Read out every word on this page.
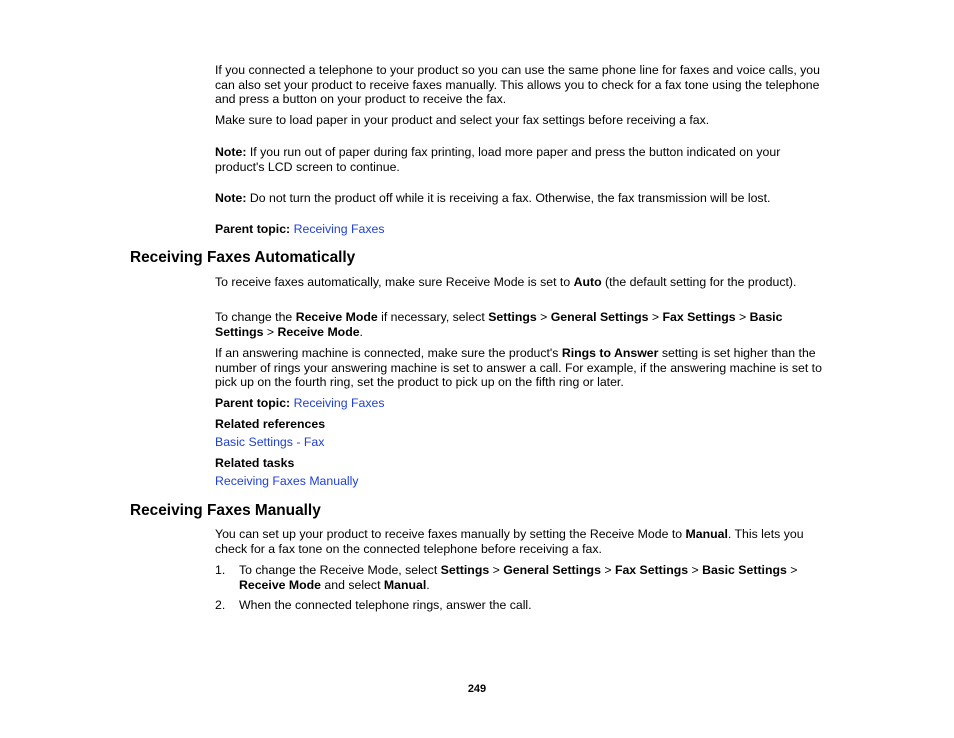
If you connected a telephone to your product so you can use the same phone line for faxes and voice calls, you can also set your product to receive faxes manually. This allows you to check for a fax tone using the telephone and press a button on your product to receive the fax.

Make sure to load paper in your product and select your fax settings before receiving a fax.

Note: If you run out of paper during fax printing, load more paper and press the button indicated on your product's LCD screen to continue.

Note: Do not turn the product off while it is receiving a fax. Otherwise, the fax transmission will be lost.

Parent topic: Receiving Faxes

Receiving Faxes Automatically

To receive faxes automatically, make sure Receive Mode is set to Auto (the default setting for the product).

To change the Receive Mode if necessary, select Settings > General Settings > Fax Settings > Basic Settings > Receive Mode.

If an answering machine is connected, make sure the product's Rings to Answer setting is set higher than the number of rings your answering machine is set to answer a call. For example, if the answering machine is set to pick up on the fourth ring, set the product to pick up on the fifth ring or later.

Parent topic: Receiving Faxes

Related references

Basic Settings - Fax

Related tasks

Receiving Faxes Manually

Receiving Faxes Manually

You can set up your product to receive faxes manually by setting the Receive Mode to Manual. This lets you check for a fax tone on the connected telephone before receiving a fax.

1. To change the Receive Mode, select Settings > General Settings > Fax Settings > Basic Settings > Receive Mode and select Manual.
2. When the connected telephone rings, answer the call.
249
